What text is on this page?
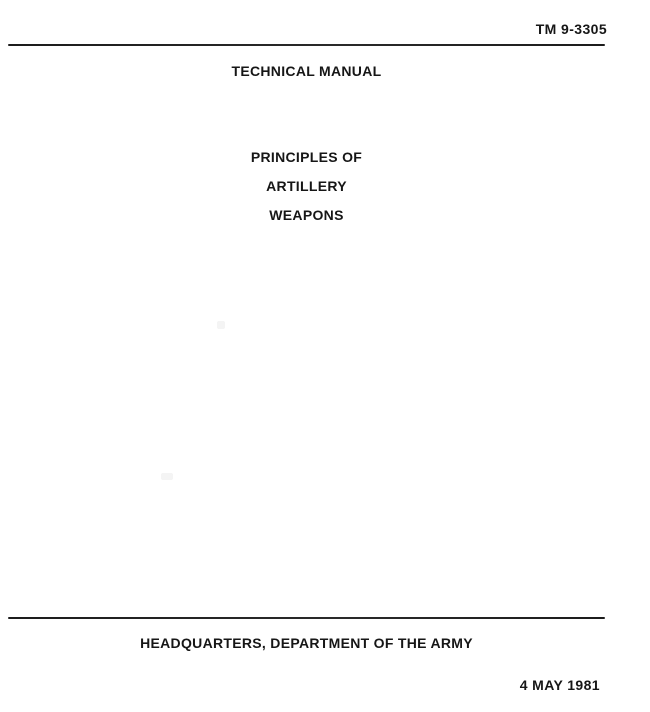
TM 9-3305
TECHNICAL MANUAL
PRINCIPLES OF
ARTILLERY
WEAPONS
HEADQUARTERS, DEPARTMENT OF THE ARMY
4 MAY 1981
